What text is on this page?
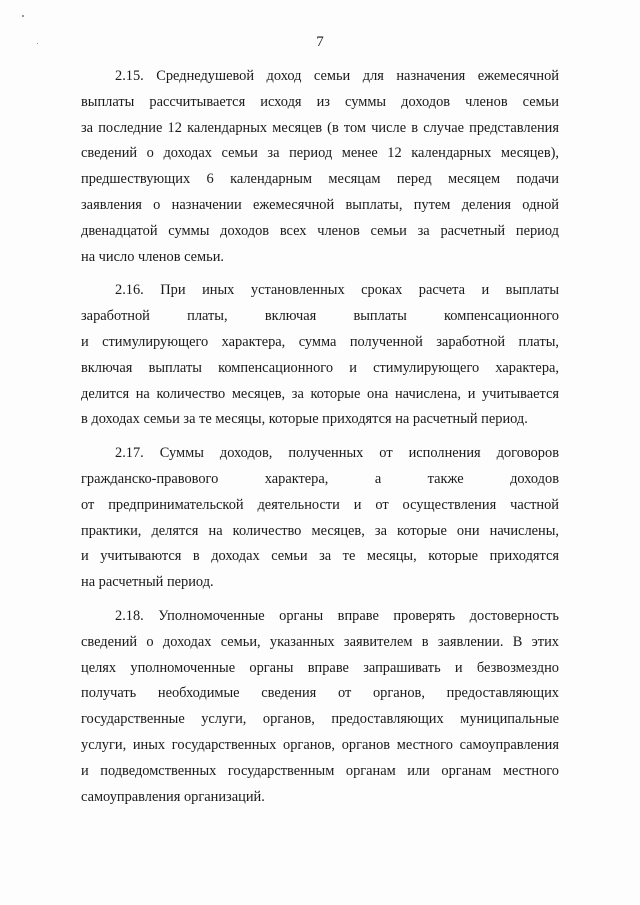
7
2.15. Среднедушевой доход семьи для назначения ежемесячной
выплаты рассчитывается исходя из суммы доходов членов семьи
за последние 12 календарных месяцев (в том числе в случае представления
сведений о доходах семьи за период менее 12 календарных месяцев),
предшествующих 6 календарным месяцам перед месяцем подачи
заявления о назначении ежемесячной выплаты, путем деления одной
двенадцатой суммы доходов всех членов семьи за расчетный период
на число членов семьи.
2.16. При иных установленных сроках расчета и выплаты
заработной платы, включая выплаты компенсационного
и стимулирующего характера, сумма полученной заработной платы,
включая выплаты компенсационного и стимулирующего характера,
делится на количество месяцев, за которые она начислена, и учитывается
в доходах семьи за те месяцы, которые приходятся на расчетный период.
2.17. Суммы доходов, полученных от исполнения договоров
гражданско-правового характера, а также доходов
от предпринимательской деятельности и от осуществления частной
практики, делятся на количество месяцев, за которые они начислены,
и учитываются в доходах семьи за те месяцы, которые приходятся
на расчетный период.
2.18. Уполномоченные органы вправе проверять достоверность
сведений о доходах семьи, указанных заявителем в заявлении. В этих
целях уполномоченные органы вправе запрашивать и безвозмездно
получать необходимые сведения от органов, предоставляющих
государственные услуги, органов, предоставляющих муниципальные
услуги, иных государственных органов, органов местного самоуправления
и подведомственных государственным органам или органам местного
самоуправления организаций.
